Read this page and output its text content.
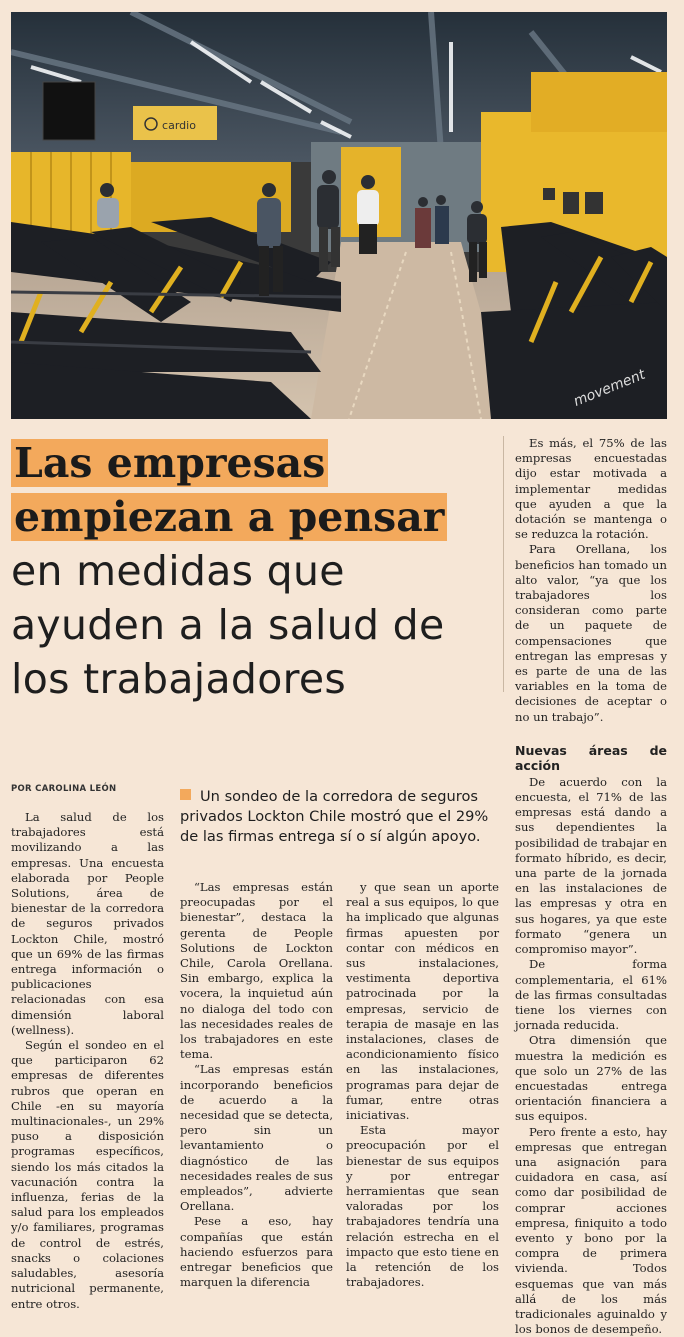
cardio
movement
Las empresas
empiezan a pensar
en medidas que ayuden a la salud de los trabajadores

Es más, el 75% de las empresas encuestadas dijo estar motivada a implementar medidas que ayuden a que la dotación se mantenga o se reduzca la rotación.

Para Orellana, los beneficios han tomado un alto valor, “ya que los trabajadores los consideran como parte de un paquete de compensaciones que entregan las empresas y es parte de una de las variables en la toma de decisiones de aceptar o no un trabajo”.

Nuevas áreas de acción

De acuerdo con la encuesta, el 71% de las empresas está dando a sus dependientes la posibilidad de trabajar en formato híbrido, es decir, una parte de la jornada en las instalaciones de las empresas y otra en sus hogares, ya que este formato “genera un compromiso mayor”.

De forma complementaria, el 61% de las firmas consultadas tiene los viernes con jornada reducida.

Otra dimensión que muestra la medición es que solo un 27% de las encuestadas entrega orientación financiera a sus equipos.

Pero frente a esto, hay empresas que entregan una asignación para cuidadora en casa, así como dar posibilidad de comprar acciones empresa, finiquito a todo evento y bono por la compra de primera vivienda. Todos esquemas que van más allá de los más tradicionales aguinaldo y los bonos de desempeño.

POR CAROLINA LEÓN	Un sondeo de la corredora de seguros privados Lockton Chile mostró que el 29% de las firmas entrega sí o sí algún apoyo.

La salud de los trabajadores está movilizando a las empresas. Una encuesta elaborada por People Solutions, área de bienestar de la corredora de seguros privados Lockton Chile, mostró que un 69% de las firmas entrega información o publicaciones relacionadas con esa dimensión laboral (wellness).

Según el sondeo en el que participaron 62 empresas de diferentes rubros que operan en Chile -en su mayoría multinacionales-, un 29% puso a disposición programas específicos, siendo los más citados la vacunación contra la influenza, ferias de la salud para los empleados y/o familiares, programas de control de estrés, snacks o colaciones saludables, asesoría nutricional permanente, entre otros.

“Las empresas están preocupadas por el bienestar”, destaca la gerenta de People Solutions de Lockton Chile, Carola Orellana. Sin embargo, explica la vocera, la inquietud aún no dialoga del todo con las necesidades reales de los trabajadores en este tema.

“Las empresas están incorporando beneficios de acuerdo a la necesidad que se detecta, pero sin un levantamiento o diagnóstico de las necesidades reales de sus empleados”, advierte Orellana.

Pese a eso, hay compañías que están haciendo esfuerzos para entregar beneficios que marquen la diferencia

y que sean un aporte real a sus equipos, lo que ha implicado que algunas firmas apuesten por contar con médicos en sus instalaciones, vestimenta deportiva patrocinada por la empresas, servicio de terapia de masaje en las instalaciones, clases de acondicionamiento físico en las instalaciones, programas para dejar de fumar, entre otras iniciativas.

Esta mayor preocupación por el bienestar de sus equipos y por entregar herramientas que sean valoradas por los trabajadores tendría una relación estrecha en el impacto que esto tiene en la retención de los trabajadores.
